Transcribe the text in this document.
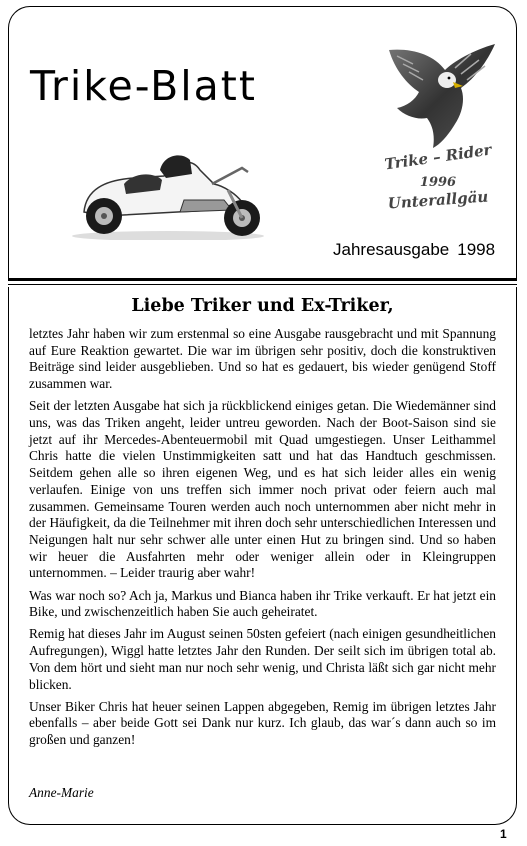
Trike-Blatt
Trike – Rider
1996
Unterallgäu
Jahresausgabe 1998
Liebe Triker und Ex-Triker,

letztes Jahr haben wir zum erstenmal so eine Ausgabe rausgebracht und mit Spannung auf Eure Reaktion gewartet. Die war im übrigen sehr positiv, doch die konstruktiven Beiträge sind leider ausgeblieben. Und so hat es gedauert, bis wieder genügend Stoff zusammen war.

Seit der letzten Ausgabe hat sich ja rückblickend einiges getan. Die Wiedemänner sind uns, was das Triken angeht, leider untreu geworden. Nach der Boot-Saison sind sie jetzt auf ihr Mercedes-Abenteuermobil mit Quad umgestiegen. Unser Leithammel Chris hatte die vielen Unstimmigkeiten satt und hat das Handtuch geschmissen. Seitdem gehen alle so ihren eigenen Weg, und es hat sich leider alles ein wenig verlaufen. Einige von uns treffen sich immer noch privat oder feiern auch mal zusammen. Gemeinsame Touren werden auch noch unternommen aber nicht mehr in der Häufigkeit, da die Teilnehmer mit ihren doch sehr unterschiedlichen Interessen und Neigungen halt nur sehr schwer alle unter einen Hut zu bringen sind. Und so haben wir heuer die Ausfahrten mehr oder weniger allein oder in Kleingruppen unternommen. – Leider traurig aber wahr!

Was war noch so? Ach ja, Markus und Bianca haben ihr Trike verkauft. Er hat jetzt ein Bike, und zwischenzeitlich haben Sie auch geheiratet.

Remig hat dieses Jahr im August seinen 50sten gefeiert (nach einigen gesundheitlichen Aufregungen), Wiggl hatte letztes Jahr den Runden. Der seilt sich im übrigen total ab. Von dem hört und sieht man nur noch sehr wenig, und Christa läßt sich gar nicht mehr blicken.

Unser Biker Chris hat heuer seinen Lappen abgegeben, Remig im übrigen letztes Jahr ebenfalls – aber beide Gott sei Dank nur kurz. Ich glaub, das war´s dann auch so im großen und ganzen!

Anne-Marie
1
